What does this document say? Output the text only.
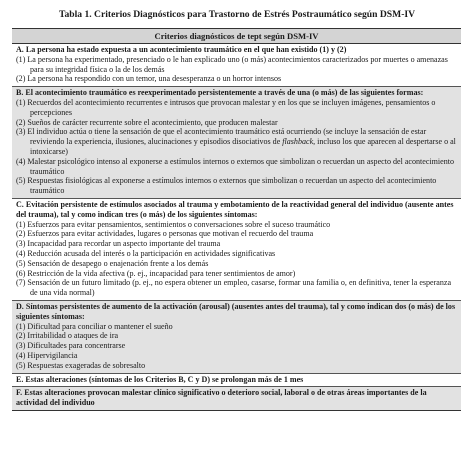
Tabla 1. Criterios Diagnósticos para Trastorno de Estrés Postraumático según DSM-IV
Criterios diagnósticos de tept según DSM-IV
A. La persona ha estado expuesta a un acontecimiento traumático en el que han existido (1) y (2)
(1) La persona ha experimentado, presenciado o le han explicado uno (o más) acontecimientos caracterizados por muertes o amenazas para su integridad física o la de los demás
(2) La persona ha respondido con un temor, una desesperanza o un horror intensos
B. El acontecimiento traumático es reexperimentado persistentemente a través de una (o más) de las siguientes formas:
(1) Recuerdos del acontecimiento recurrentes e intrusos que provocan malestar y en los que se incluyen imágenes, pensamientos o percepciones
(2) Sueños de carácter recurrente sobre el acontecimiento, que producen malestar
(3) El individuo actúa o tiene la sensación de que el acontecimiento traumático está ocurriendo (se incluye la sensación de estar reviviendo la experiencia, ilusiones, alucinaciones y episodios disociativos de flashback, incluso los que aparecen al despertarse o al intoxicarse)
(4) Malestar psicológico intenso al exponerse a estímulos internos o externos que simbolizan o recuerdan un aspecto del acontecimiento traumático
(5) Respuestas fisiológicas al exponerse a estímulos internos o externos que simbolizan o recuerdan un aspecto del acontecimiento traumático
C. Evitación persistente de estímulos asociados al trauma y embotamiento de la reactividad general del individuo (ausente antes del trauma), tal y como indican tres (o más) de los siguientes síntomas:
(1) Esfuerzos para evitar pensamientos, sentimientos o conversaciones sobre el suceso traumático
(2) Esfuerzos para evitar actividades, lugares o personas que motivan el recuerdo del trauma
(3) Incapacidad para recordar un aspecto importante del trauma
(4) Reducción acusada del interés o la participación en actividades significativas
(5) Sensación de desapego o enajenación frente a los demás
(6) Restricción de la vida afectiva (p. ej., incapacidad para tener sentimientos de amor)
(7) Sensación de un futuro limitado (p. ej., no espera obtener un empleo, casarse, formar una familia o, en definitiva, tener la esperanza de una vida normal)
D. Síntomas persistentes de aumento de la activación (arousal) (ausentes antes del trauma), tal y como indican dos (o más) de los siguientes síntomas:
(1) Dificultad para conciliar o mantener el sueño
(2) Irritabilidad o ataques de ira
(3) Dificultades para concentrarse
(4) Hipervigilancia
(5) Respuestas exageradas de sobresalto
E. Estas alteraciones (síntomas de los Criterios B, C y D) se prolongan más de 1 mes
F. Estas alteraciones provocan malestar clínico significativo o deterioro social, laboral o de otras áreas importantes de la actividad del individuo
